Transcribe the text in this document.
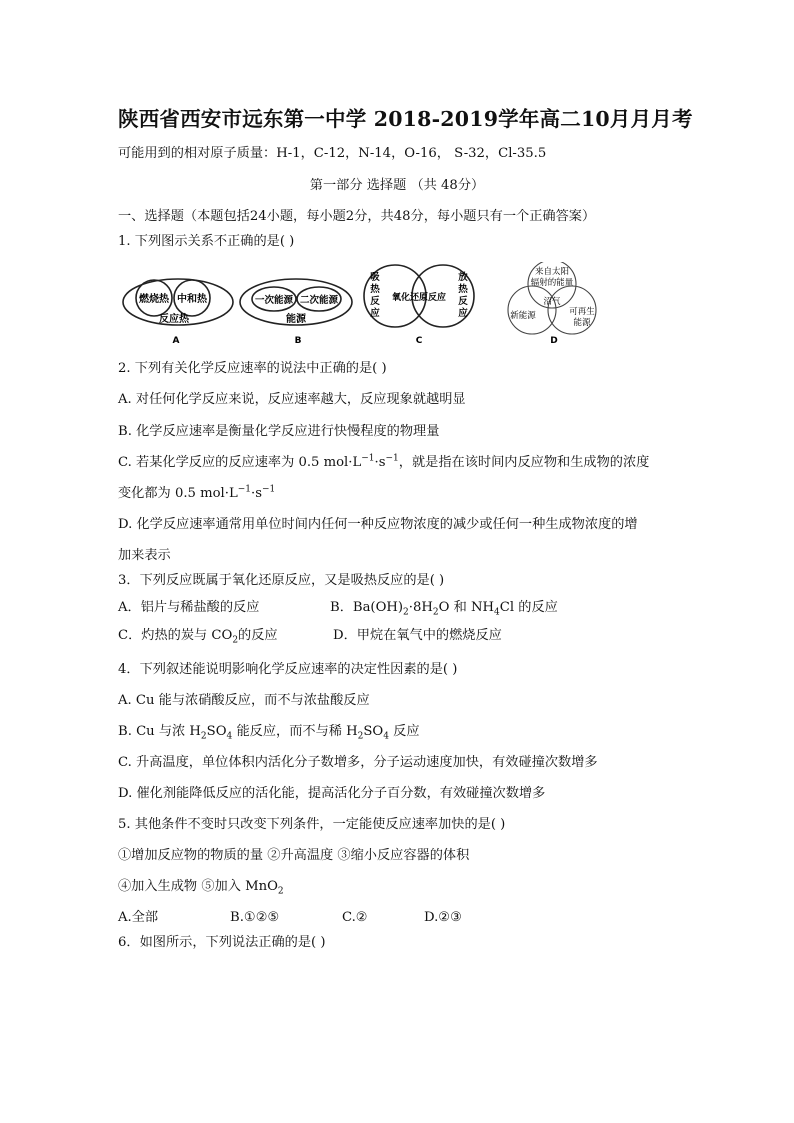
陕西省西安市远东第一中学 2018-2019学年高二10月月月考
可能用到的相对原子质量：H-1，C-12，N-14，O-16， S-32，Cl-35.5
第一部分 选择题 （共 48分）
一、选择题（本题包括24小题，每小题2分，共48分，每小题只有一个正确答案）
1. 下列图示关系不正确的是( )
燃烧热 中和热
反应热
A
一次能源 二次能源
能源
B
吸
热
反
应
放
热
反
应
氧化还原反应
C
来自太阳
辐射的能量
沼气
新能源	可再生
能源
D
2. 下列有关化学反应速率的说法中正确的是( )
A. 对任何化学反应来说，反应速率越大，反应现象就越明显
B. 化学反应速率是衡量化学反应进行快慢程度的物理量
C. 若某化学反应的反应速率为 0.5 $mol\cdot L^{-1}\cdot s^{-1}$，就是指在该时间内反应物和生成物的浓度
变化都为 0.5 $mol\cdot L^{-1}\cdot s^{-1}$
D. 化学反应速率通常用单位时间内任何一种反应物浓度的减少或任何一种生成物浓度的增
加来表示
3．下列反应既属于氧化还原反应，又是吸热反应的是( )
A．铝片与稀盐酸的反应	B．$Ba(OH)_2\cdot 8H_2O$ 和 $NH_4Cl$ 的反应
C．灼热的炭与 $CO_2$的反应	D．甲烷在氧气中的燃烧反应
4．下列叙述能说明影响化学反应速率的决定性因素的是( )
A. Cu 能与浓硝酸反应，而不与浓盐酸反应
B. Cu 与浓 $H_2SO_4$ 能反应，而不与稀 $H_2SO_4$ 反应
C. 升高温度，单位体积内活化分子数增多，分子运动速度加快，有效碰撞次数增多
D. 催化剂能降低反应的活化能，提高活化分子百分数，有效碰撞次数增多
5. 其他条件不变时只改变下列条件，一定能使反应速率加快的是( )
①增加反应物的物质的量 ②升高温度 ③缩小反应容器的体积
④加入生成物 ⑤加入 MnO$_2$
A.全部	B.①②⑤	C.②	D.②③
6．如图所示，下列说法正确的是( )
